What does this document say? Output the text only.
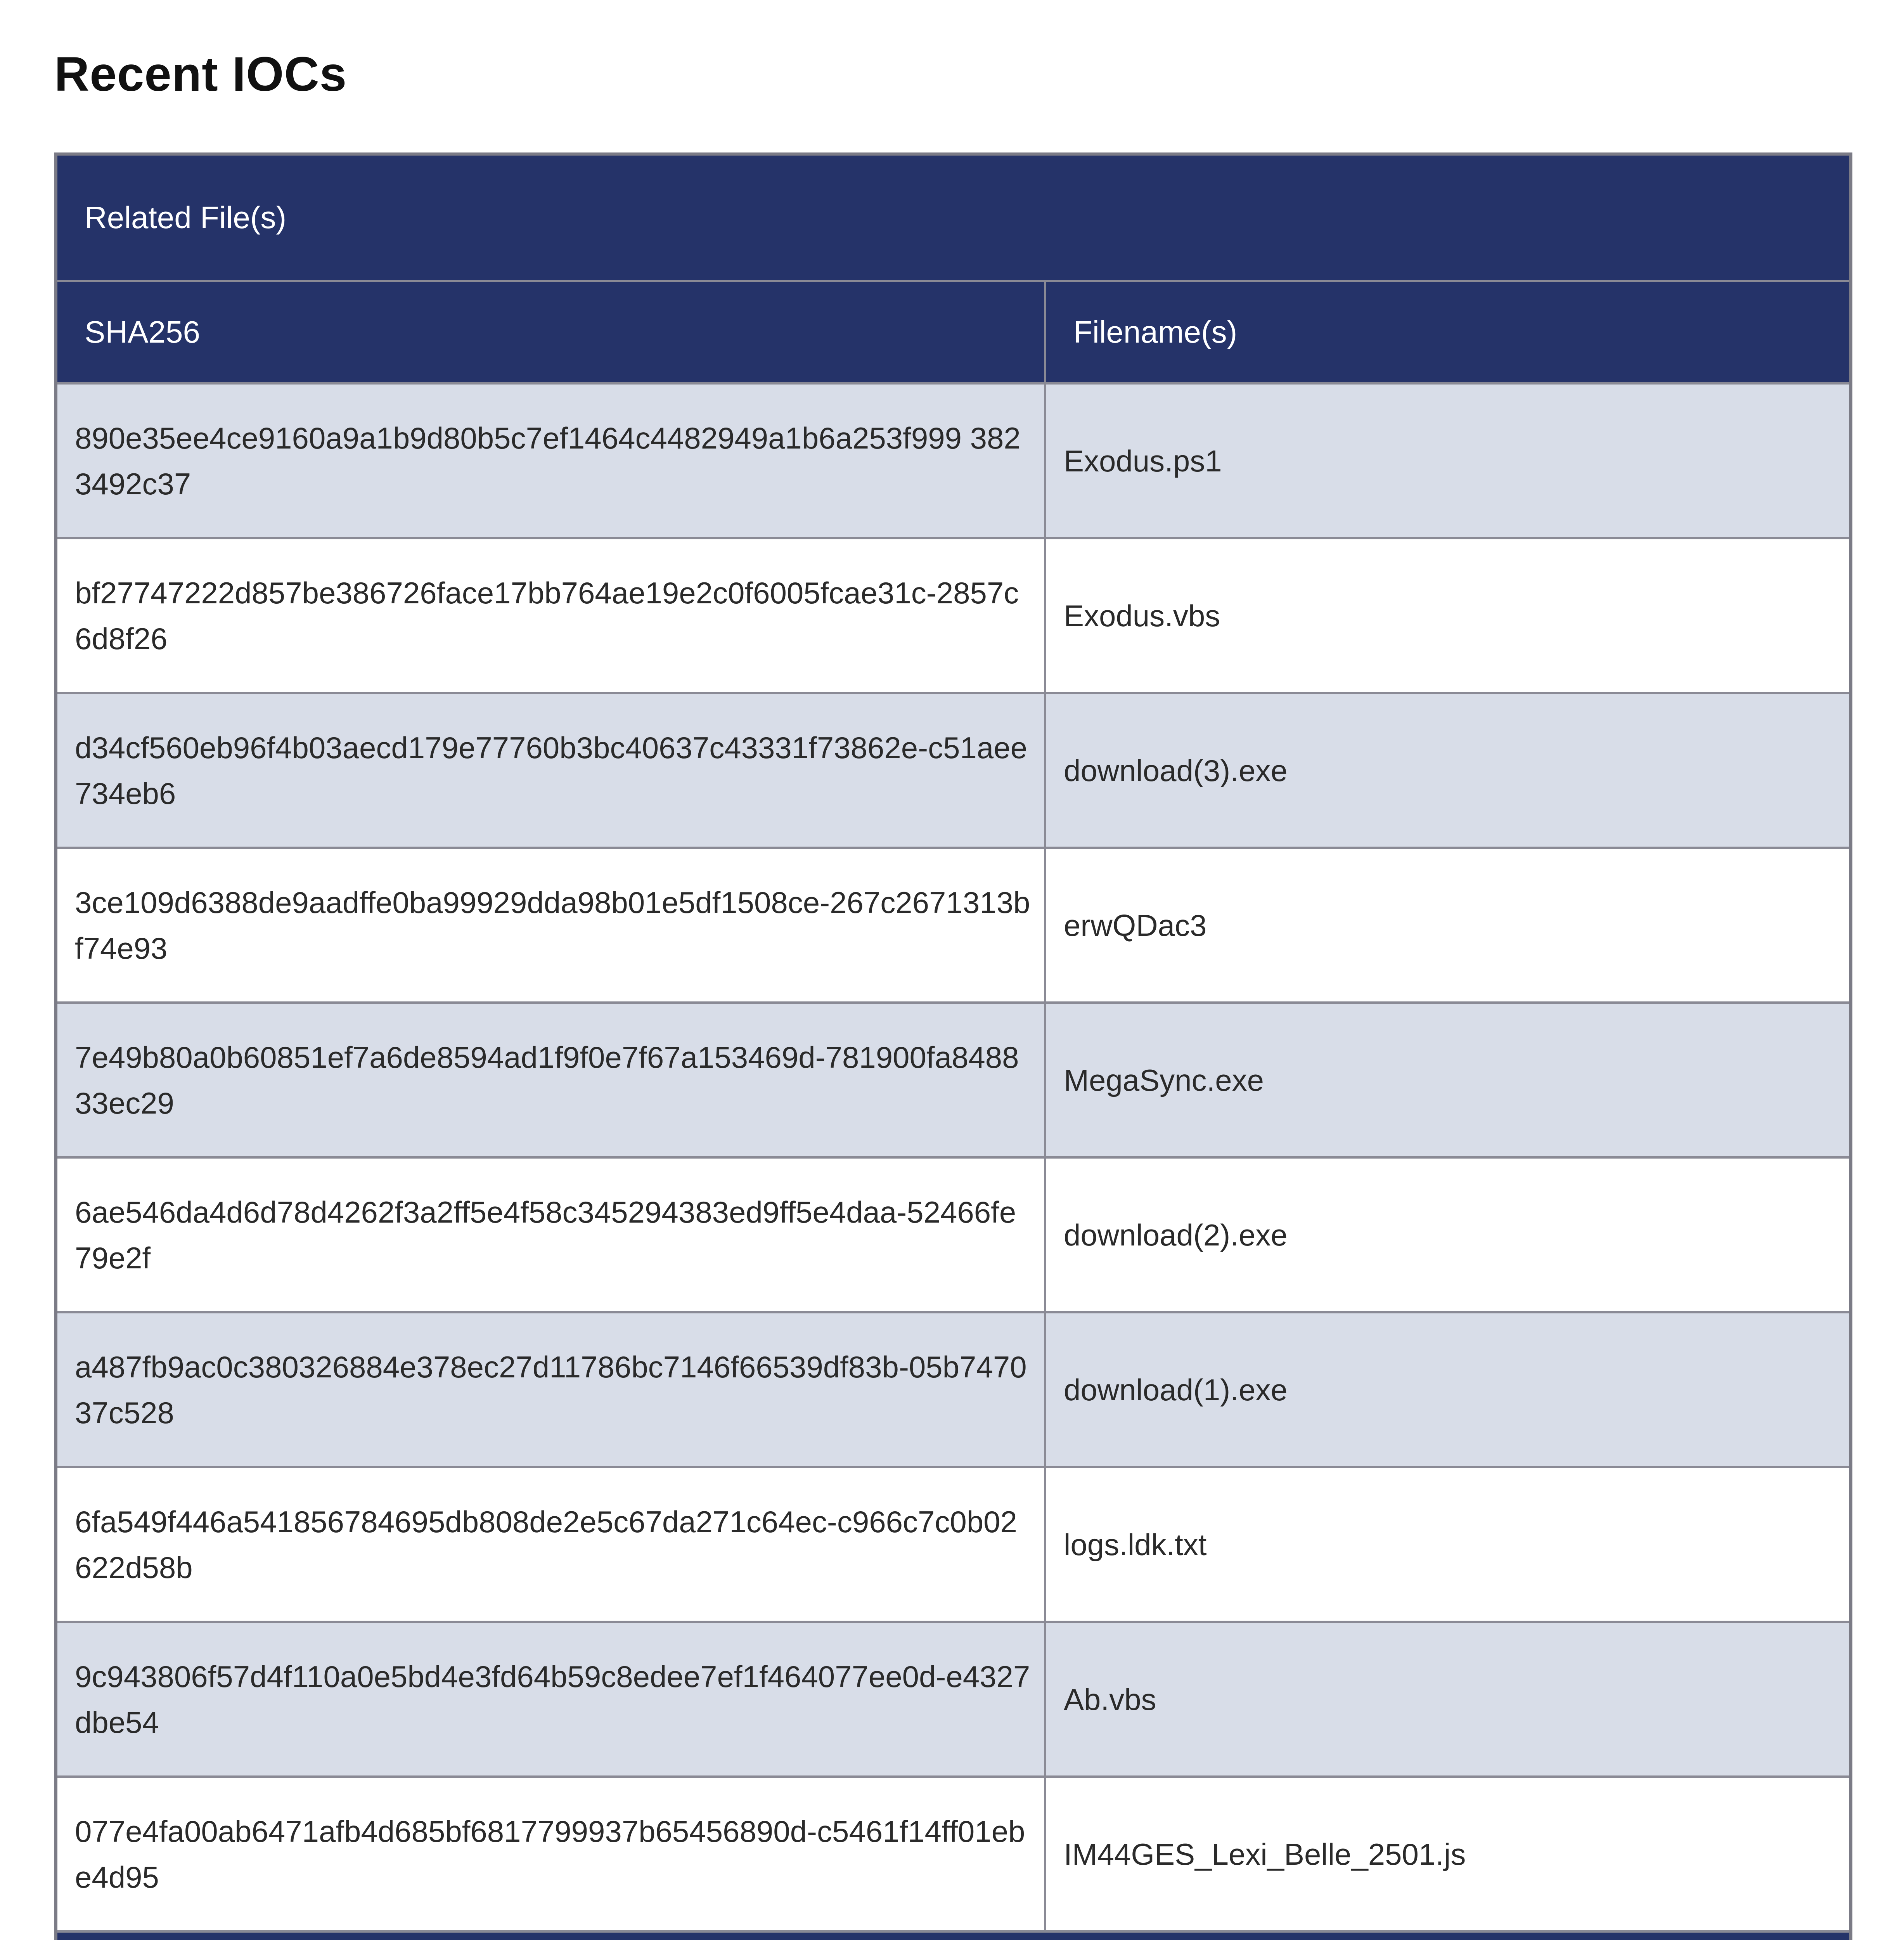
Recent IOCs
Related File(s)	
SHA256	Filename(s)
890e35ee4ce9160a9a1b9d80b5c7ef1464c4482949a1b6a253f999 3823492c37	Exodus.ps1
bf27747222d857be386726face17bb764ae19e2c0f6005fcae31c-2857c6d8f26	Exodus.vbs
d34cf560eb96f4b03aecd179e77760b3bc40637c43331f73862e-c51aee734eb6	download(3).exe
3ce109d6388de9aadffe0ba99929dda98b01e5df1508ce-267c2671313bf74e93	erwQDac3
7e49b80a0b60851ef7a6de8594ad1f9f0e7f67a153469d-781900fa848833ec29	MegaSync.exe
6ae546da4d6d78d4262f3a2ff5e4f58c345294383ed9ff5e4daa-52466fe79e2f	download(2).exe
a487fb9ac0c380326884e378ec27d11786bc7146f66539df83b-05b747037c528	download(1).exe
6fa549f446a541856784695db808de2e5c67da271c64ec-c966c7c0b02622d58b	logs.ldk.txt
9c943806f57d4f110a0e5bd4e3fd64b59c8edee7ef1f464077ee0d-e4327dbe54	Ab.vbs
077e4fa00ab6471afb4d685bf6817799937b65456890d-c5461f14ff01ebe4d95	IM44GES_Lexi_Belle_2501.js
